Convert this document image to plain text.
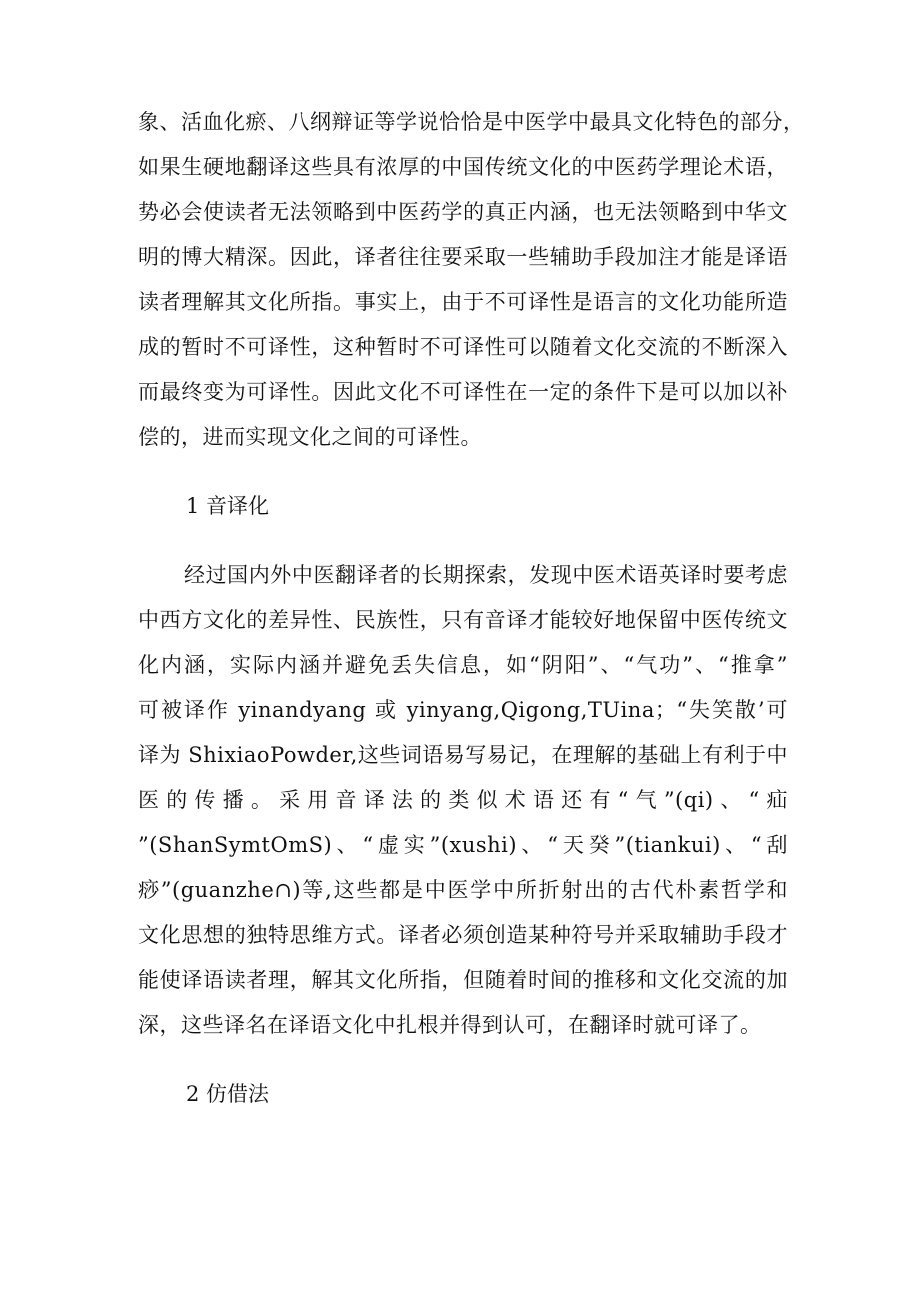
象、活血化瘀、八纲辩证等学说恰恰是中医学中最具文化特色的部分，
如果生硬地翻译这些具有浓厚的中国传统文化的中医药学理论术语，
势必会使读者无法领略到中医药学的真正内涵，也无法领略到中华文
明的博大精深。因此，译者往往要采取一些辅助手段加注才能是译语
读者理解其文化所指。事实上，由于不可译性是语言的文化功能所造
成的暂时不可译性，这种暂时不可译性可以随着文化交流的不断深入
而最终变为可译性。因此文化不可译性在一定的条件下是可以加以补
偿的，进而实现文化之间的可译性。
1 音译化
经过国内外中医翻译者的长期探索，发现中医术语英译时要考虑
中西方文化的差异性、民族性，只有音译才能较好地保留中医传统文
化内涵，实际内涵并避免丢失信息，如“阴阳”、“气功”、“推拿”
可被译作 yinandyang 或 yinyang,Qigong,TUina；“失笑散’可
译为 ShixiaoPowder,这些词语易写易记，在理解的基础上有利于中
医的传播。采用音译法的类似术语还有“气”(qi)、“疝
”(ShanSymtOmS)、“虚实”(xushi)、“天癸”(tiankui)、“刮
痧”(guanzhe∩)等,这些都是中医学中所折射出的古代朴素哲学和
文化思想的独特思维方式。译者必须创造某种符号并采取辅助手段才
能使译语读者理，解其文化所指，但随着时间的推移和文化交流的加
深，这些译名在译语文化中扎根并得到认可，在翻译时就可译了。
2 仿借法
